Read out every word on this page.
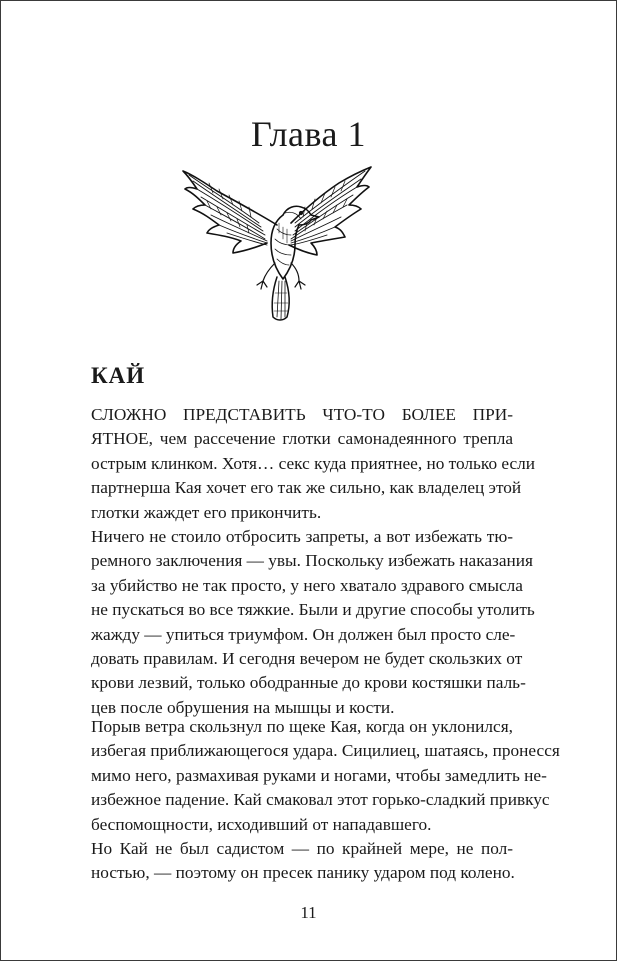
Глава 1
КАЙ
СЛОЖНО ПРЕДСТАВИТЬ ЧТО-ТО БОЛЕЕ ПРИ-
ЯТНОЕ, чем рассечение глотки самонадеянного трепла
острым клинком. Хотя… секс куда приятнее, но только если
партнерша Кая хочет его так же сильно, как владелец этой
глотки жаждет его прикончить.
Ничего не стоило отбросить запреты, а вот избежать тю-
ремного заключения — увы. Поскольку избежать наказания
за убийство не так просто, у него хватало здравого смысла
не пускаться во все тяжкие. Были и другие способы утолить
жажду — упиться триумфом. Он должен был просто сле-
довать правилам. И сегодня вечером не будет скользких от
крови лезвий, только ободранные до крови костяшки паль-
цев после обрушения на мышцы и кости.
Порыв ветра скользнул по щеке Кая, когда он уклонился,
избегая приближающегося удара. Сицилиец, шатаясь, пронесся
мимо него, размахивая руками и ногами, чтобы замедлить не-
избежное падение. Кай смаковал этот горько-сладкий привкус
беспомощности, исходивший от нападавшего.
Но Кай не был садистом — по крайней мере, не пол-
ностью, — поэтому он пресек панику ударом под колено.
11
